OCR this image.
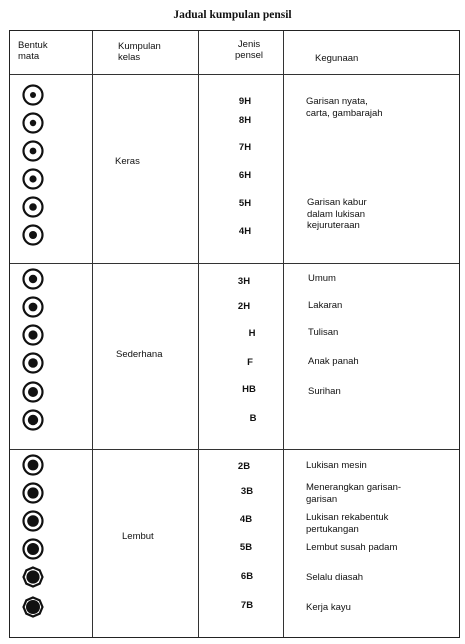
Jadual kumpulan pensil
Bentuk
mata
Kumpulan
kelas
Jenis
pensel	Kegunaan
Keras
Sederhana
Lembut
9H
8H
7H
6H
5H
4H
3H
2H
H
F
HB
B
2B
3B
4B
5B
6B
7B
Garisan nyata,
carta, gambarajah
Garisan kabur
dalam lukisan
kejuruteraan
Umum
Lakaran
Tulisan
Anak panah
Surihan
Lukisan mesin
Menerangkan garisan-
garisan
Lukisan rekabentuk
pertukangan
Lembut susah padam
Selalu diasah
Kerja kayu
